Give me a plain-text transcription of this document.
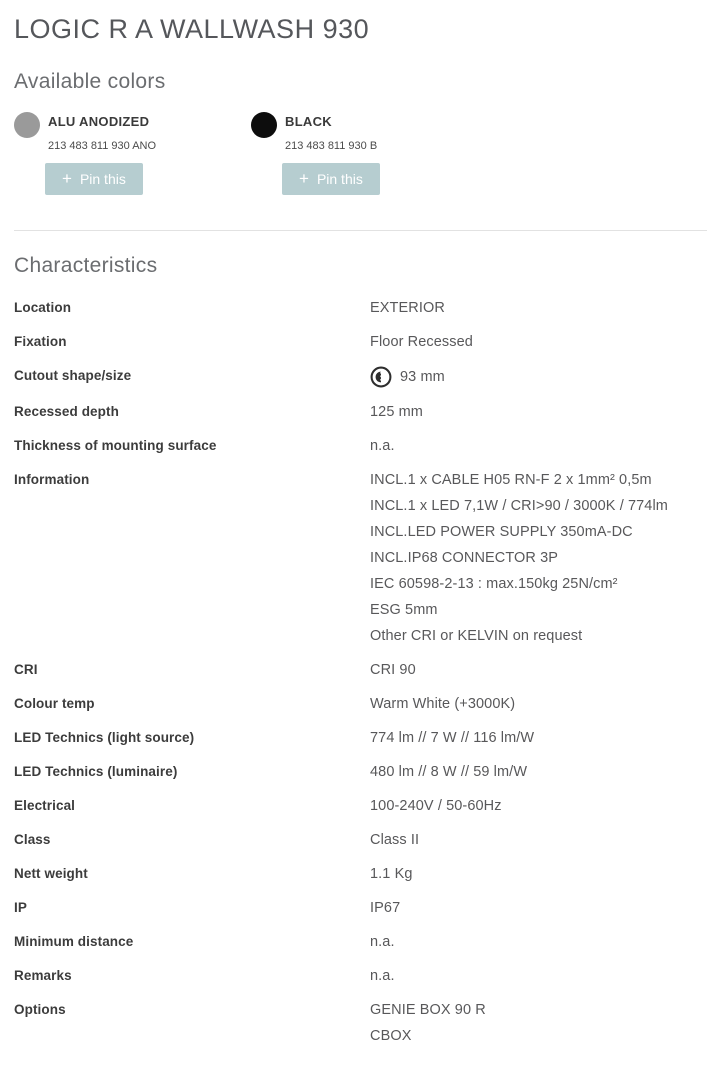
LOGIC R A WALLWASH 930
Available colors
ALU ANODIZED
213 483 811 930 ANO
+ Pin this
BLACK
213 483 811 930 B
+ Pin this
Characteristics
Location	EXTERIOR
Fixation	Floor Recessed
Cutout shape/size	93 mm
Recessed depth	125 mm
Thickness of mounting surface	n.a.
Information	INCL.1 x CABLE H05 RN-F 2 x 1mm² 0,5m
INCL.1 x LED 7,1W / CRI>90 / 3000K / 774lm
INCL.LED POWER SUPPLY 350mA-DC
INCL.IP68 CONNECTOR 3P
IEC 60598-2-13 : max.150kg 25N/cm²
ESG 5mm
Other CRI or KELVIN on request
CRI	CRI 90
Colour temp	Warm White (+3000K)
LED Technics (light source)	774 lm // 7 W // 116 lm/W
LED Technics (luminaire)	480 lm // 8 W // 59 lm/W
Electrical	100-240V / 50-60Hz
Class	Class II
Nett weight	1.1 Kg
IP	IP67
Minimum distance	n.a.
Remarks	n.a.
Options	GENIE BOX 90 R
CBOX
